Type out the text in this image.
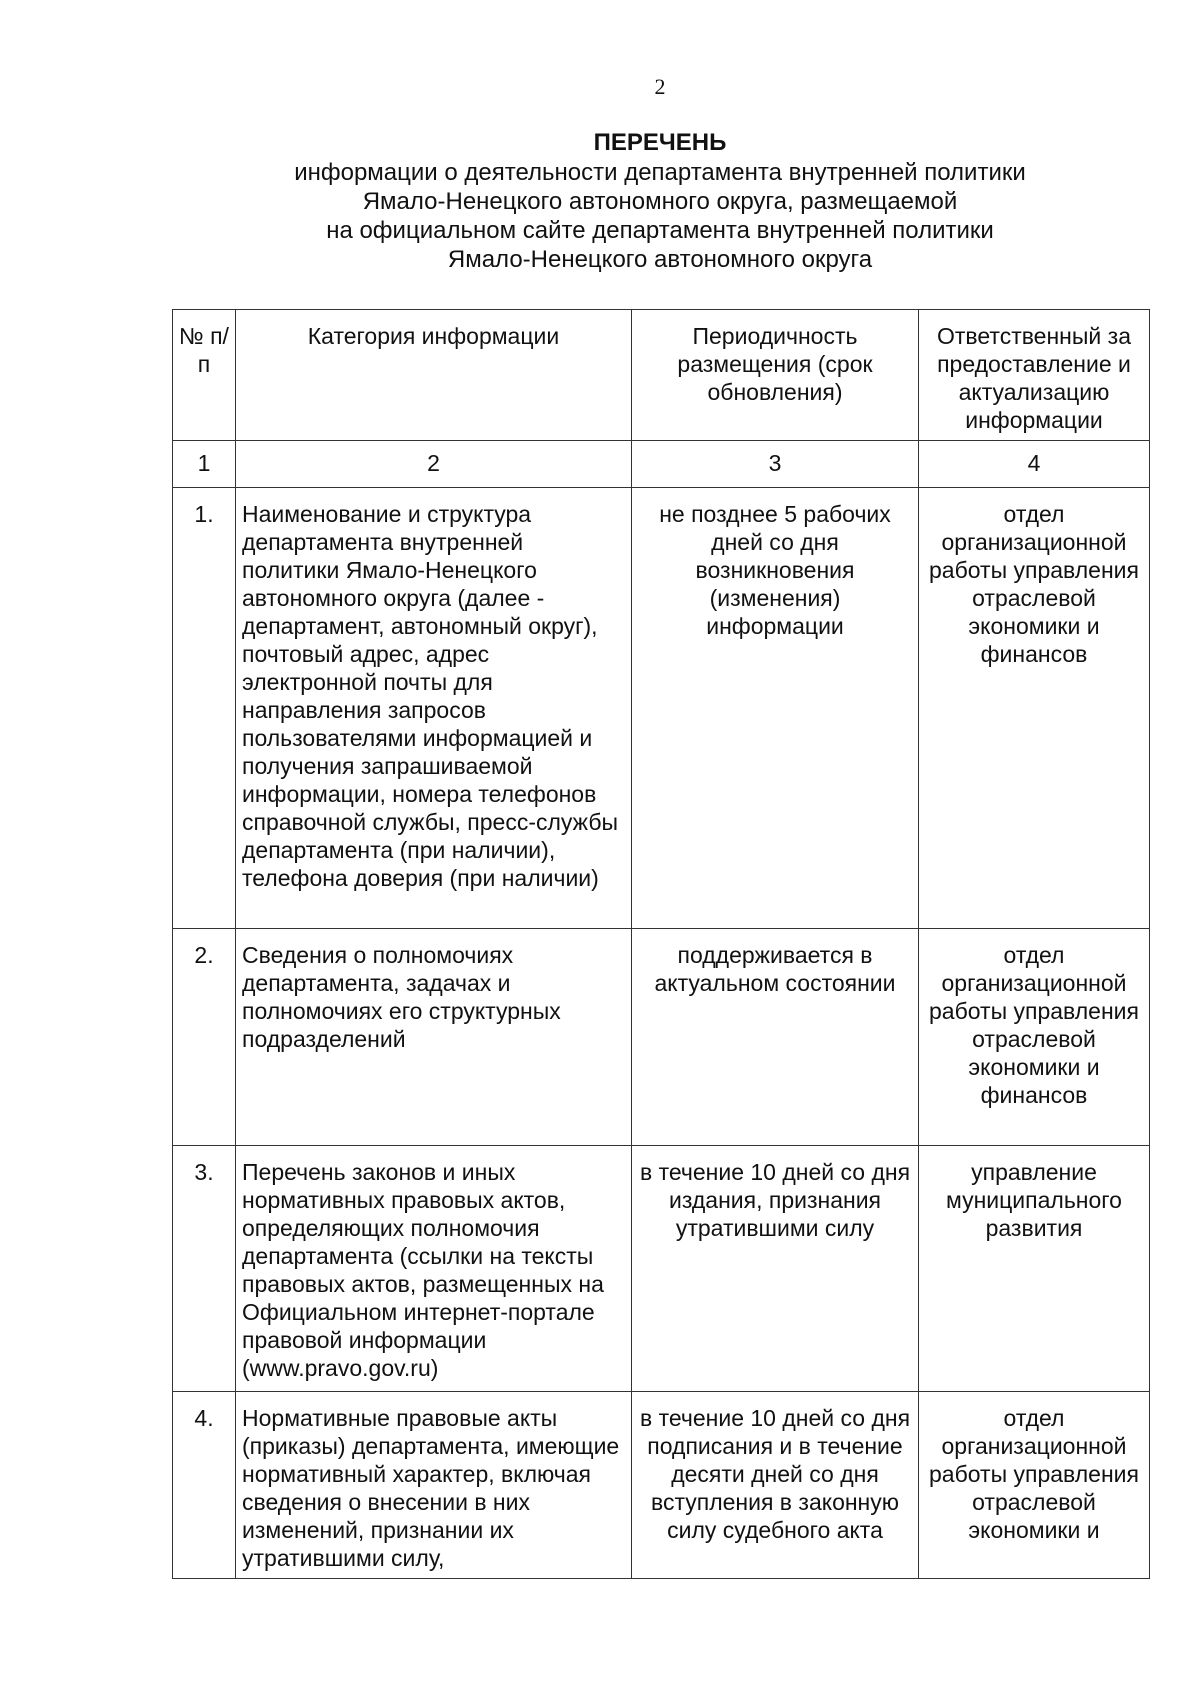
2
ПЕРЕЧЕНЬ
информации о деятельности департамента внутренней политики
Ямало-Ненецкого автономного округа, размещаемой
на официальном сайте департамента внутренней политики
Ямало-Ненецкого автономного округа
№ п/п	Категория информации	Периодичность размещения (срок обновления)	Ответственный за предоставление и актуализацию информации
1	2	3	4
1.	Наименование и структура департамента внутренней политики Ямало-Ненецкого автономного округа (далее - департамент, автономный округ), почтовый адрес, адрес электронной почты для направления запросов пользователями информацией и получения запрашиваемой информации, номера телефонов справочной службы, пресс-службы департамента (при наличии), телефона доверия (при наличии)	не позднее 5 рабочих дней со дня возникновения (изменения) информации	отдел организационной работы управления отраслевой экономики и финансов
2.	Сведения о полномочиях департамента, задачах и полномочиях его структурных подразделений	поддерживается в актуальном состоянии	отдел организационной работы управления отраслевой экономики и финансов
3.	Перечень законов и иных нормативных правовых актов, определяющих полномочия департамента (ссылки на тексты правовых актов, размещенных на Официальном интернет-портале правовой информации (www.pravo.gov.ru)	в течение 10 дней со дня издания, признания утратившими силу	управление муниципального развития
4.	Нормативные правовые акты (приказы) департамента, имеющие нормативный характер, включая сведения о внесении в них изменений, признании их утратившими силу,	в течение 10 дней со дня подписания и в течение десяти дней со дня вступления в законную силу судебного акта	отдел организационной работы управления отраслевой экономики и
